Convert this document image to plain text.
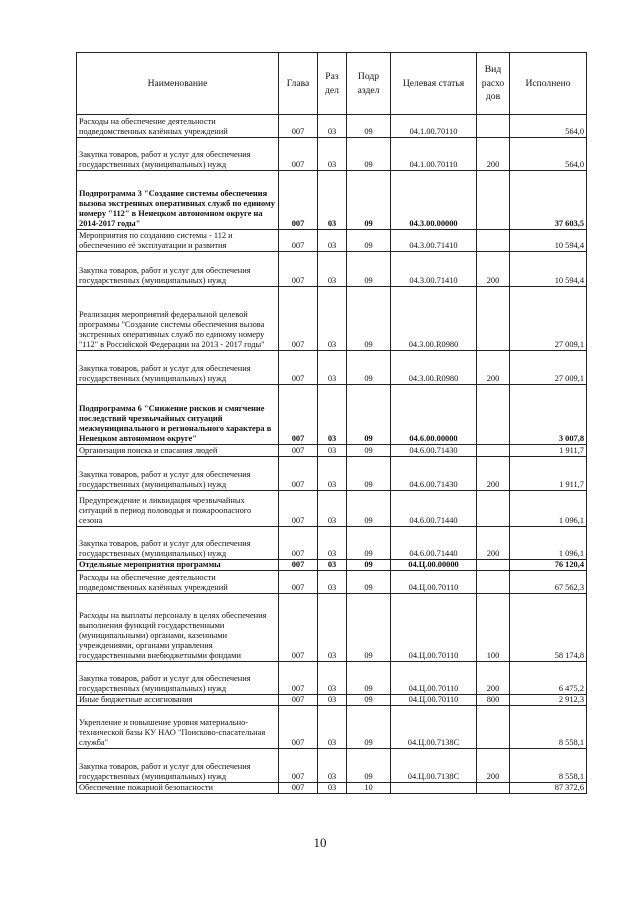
Наименование	Глава	Раз дел	Подр аздел	Целевая статья	Вид расхо дов	Исполнено
Расходы на обеспечение деятельности подведомственных казённых учреждений	007	03	09	04.1.00.70110		564,0
Закупка товаров, работ и услуг для обеспечения государственных (муниципальных) нужд	007	03	09	04.1.00.70110	200	564,0
Подпрограмма 3 "Создание системы обеспечения вызова экстренных оперативных служб по единому номеру "112" в Ненецком автономном округе на 2014-2017 годы"	007	03	09	04.3.00.00000		37 603,5
Мероприятия по созданию системы - 112 и обеспечению её эксплуатации и развития	007	03	09	04.3.00.71410		10 594,4
Закупка товаров, работ и услуг для обеспечения государственных (муниципальных) нужд	007	03	09	04.3.00.71410	200	10 594,4
Реализация мероприятий федеральной целевой программы "Создание системы обеспечения вызова экстренных оперативных служб по единому номеру "112" в Российской Федерации на 2013 - 2017 годы"	007	03	09	04.3.00.R0980		27 009,1
Закупка товаров, работ и услуг для обеспечения государственных (муниципальных) нужд	007	03	09	04.3.00.R0980	200	27 009,1
Подпрограмма 6 "Снижение рисков и смягчение последствий чрезвычайных ситуаций межмуниципального и регионального характера в Ненецком автономном округе"	007	03	09	04.6.00.00000		3 007,8
Организация поиска и спасания людей	007	03	09	04.6.00.71430		1 911,7
Закупка товаров, работ и услуг для обеспечения государственных (муниципальных) нужд	007	03	09	04.6.00.71430	200	1 911,7
Предупреждение и ликвидация чрезвычайных ситуаций в период половодья и пожароопасного сезона	007	03	09	04.6.00.71440		1 096,1
Закупка товаров, работ и услуг для обеспечения государственных (муниципальных) нужд	007	03	09	04.6.00.71440	200	1 096,1
Отдельные мероприятия программы	007	03	09	04.Ц.00.00000		76 120,4
Расходы на обеспечение деятельности подведомственных казённых учреждений	007	03	09	04.Ц.00.70110		67 562,3
Расходы на выплаты персоналу в целях обеспечения выполнения функций государственными (муниципальными) органами, казенными учреждениями, органами управления государственными внебюджетными фондами	007	03	09	04.Ц.00.70110	100	58 174,8
Закупка товаров, работ и услуг для обеспечения государственных (муниципальных) нужд	007	03	09	04.Ц.00.70110	200	6 475,2
Иные бюджетные ассигнования	007	03	09	04.Ц.00.70110	800	2 912,3
Укрепление и повышение уровня материально-технической базы КУ НАО "Поисково-спасательная служба"	007	03	09	04.Ц.00.7138С		8 558,1
Закупка товаров, работ и услуг для обеспечения государственных (муниципальных) нужд	007	03	09	04.Ц.00.7138С	200	8 558,1
Обеспечение пожарной безопасности	007	03	10			87 372,6
10
